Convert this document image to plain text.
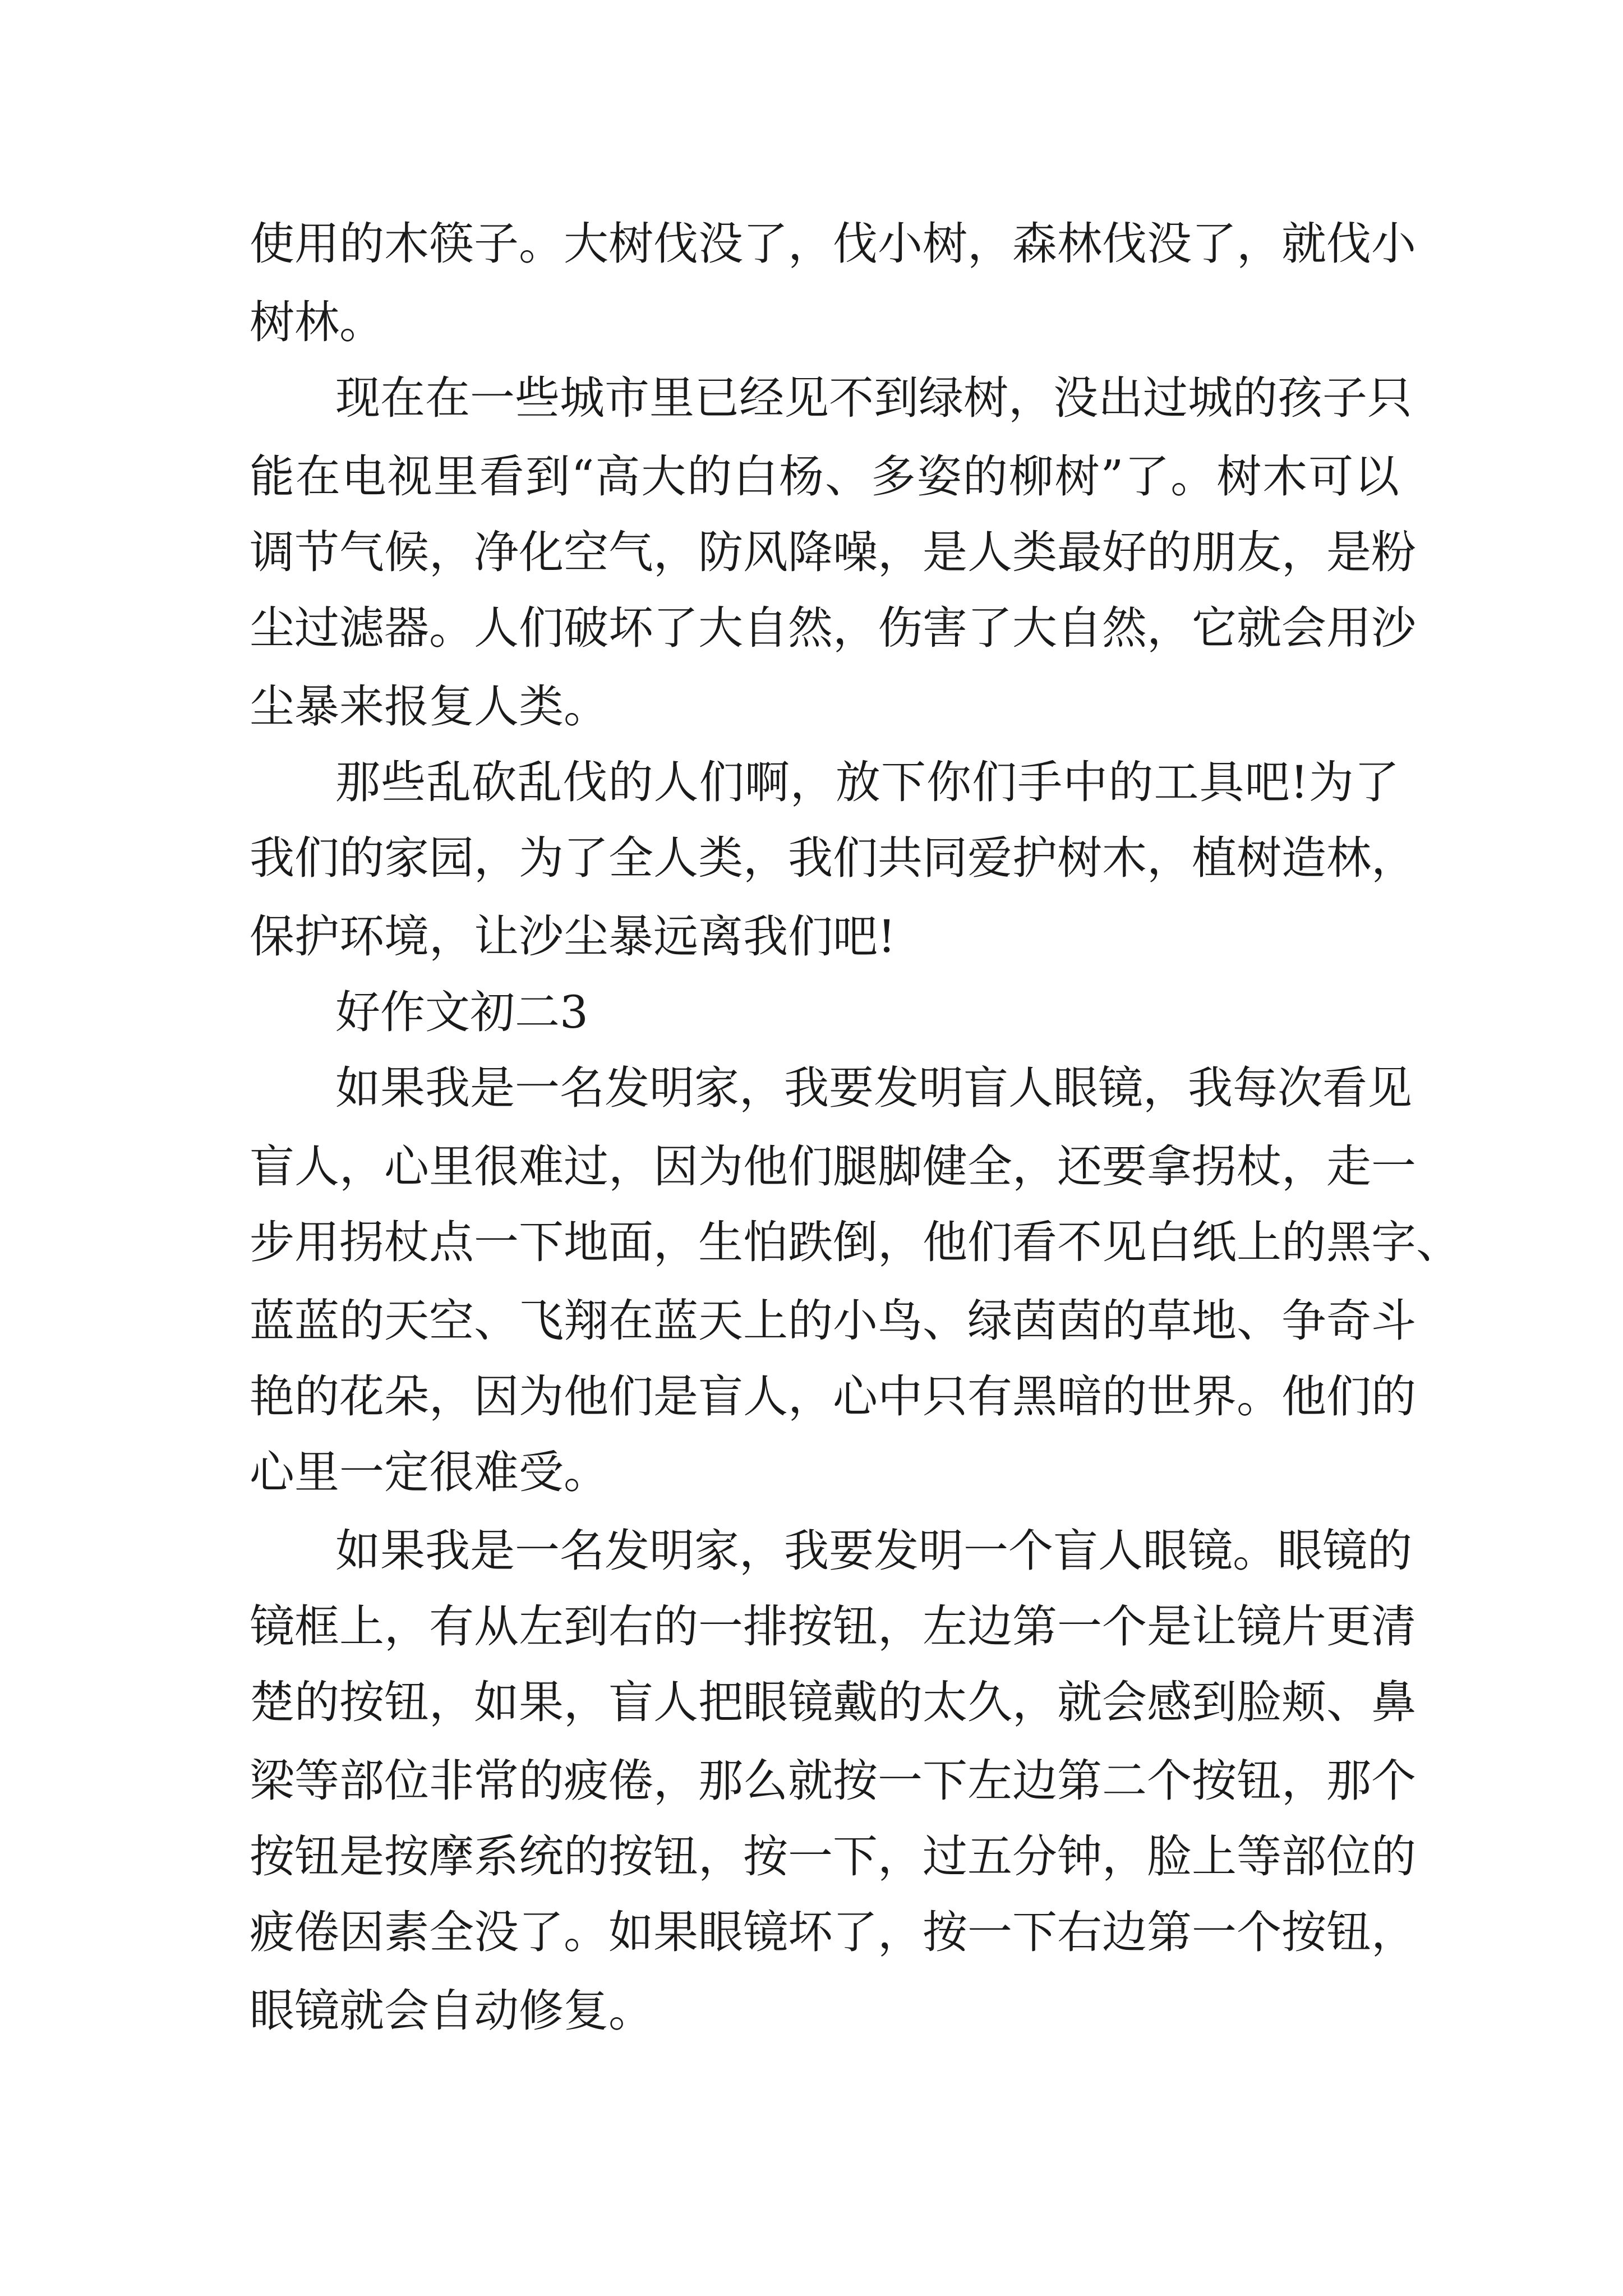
使用的木筷子。大树伐没了，伐小树，森林伐没了，就伐小
树林。
现在在一些城市里已经见不到绿树，没出过城的孩子只
能在电视里看到“高大的白杨、多姿的柳树”了。树木可以
调节气候，净化空气，防风降噪，是人类最好的朋友，是粉
尘过滤器。人们破坏了大自然，伤害了大自然，它就会用沙
尘暴来报复人类。
那些乱砍乱伐的人们啊，放下你们手中的工具吧!为了
我们的家园，为了全人类，我们共同爱护树木，植树造林，
保护环境，让沙尘暴远离我们吧!
好作文初二3
如果我是一名发明家，我要发明盲人眼镜，我每次看见
盲人，心里很难过，因为他们腿脚健全，还要拿拐杖，走一
步用拐杖点一下地面，生怕跌倒，他们看不见白纸上的黑字、
蓝蓝的天空、飞翔在蓝天上的小鸟、绿茵茵的草地、争奇斗
艳的花朵，因为他们是盲人，心中只有黑暗的世界。他们的
心里一定很难受。
如果我是一名发明家，我要发明一个盲人眼镜。眼镜的
镜框上，有从左到右的一排按钮，左边第一个是让镜片更清
楚的按钮，如果，盲人把眼镜戴的太久，就会感到脸颊、鼻
梁等部位非常的疲倦，那么就按一下左边第二个按钮，那个
按钮是按摩系统的按钮，按一下，过五分钟，脸上等部位的
疲倦因素全没了。如果眼镜坏了，按一下右边第一个按钮，
眼镜就会自动修复。
